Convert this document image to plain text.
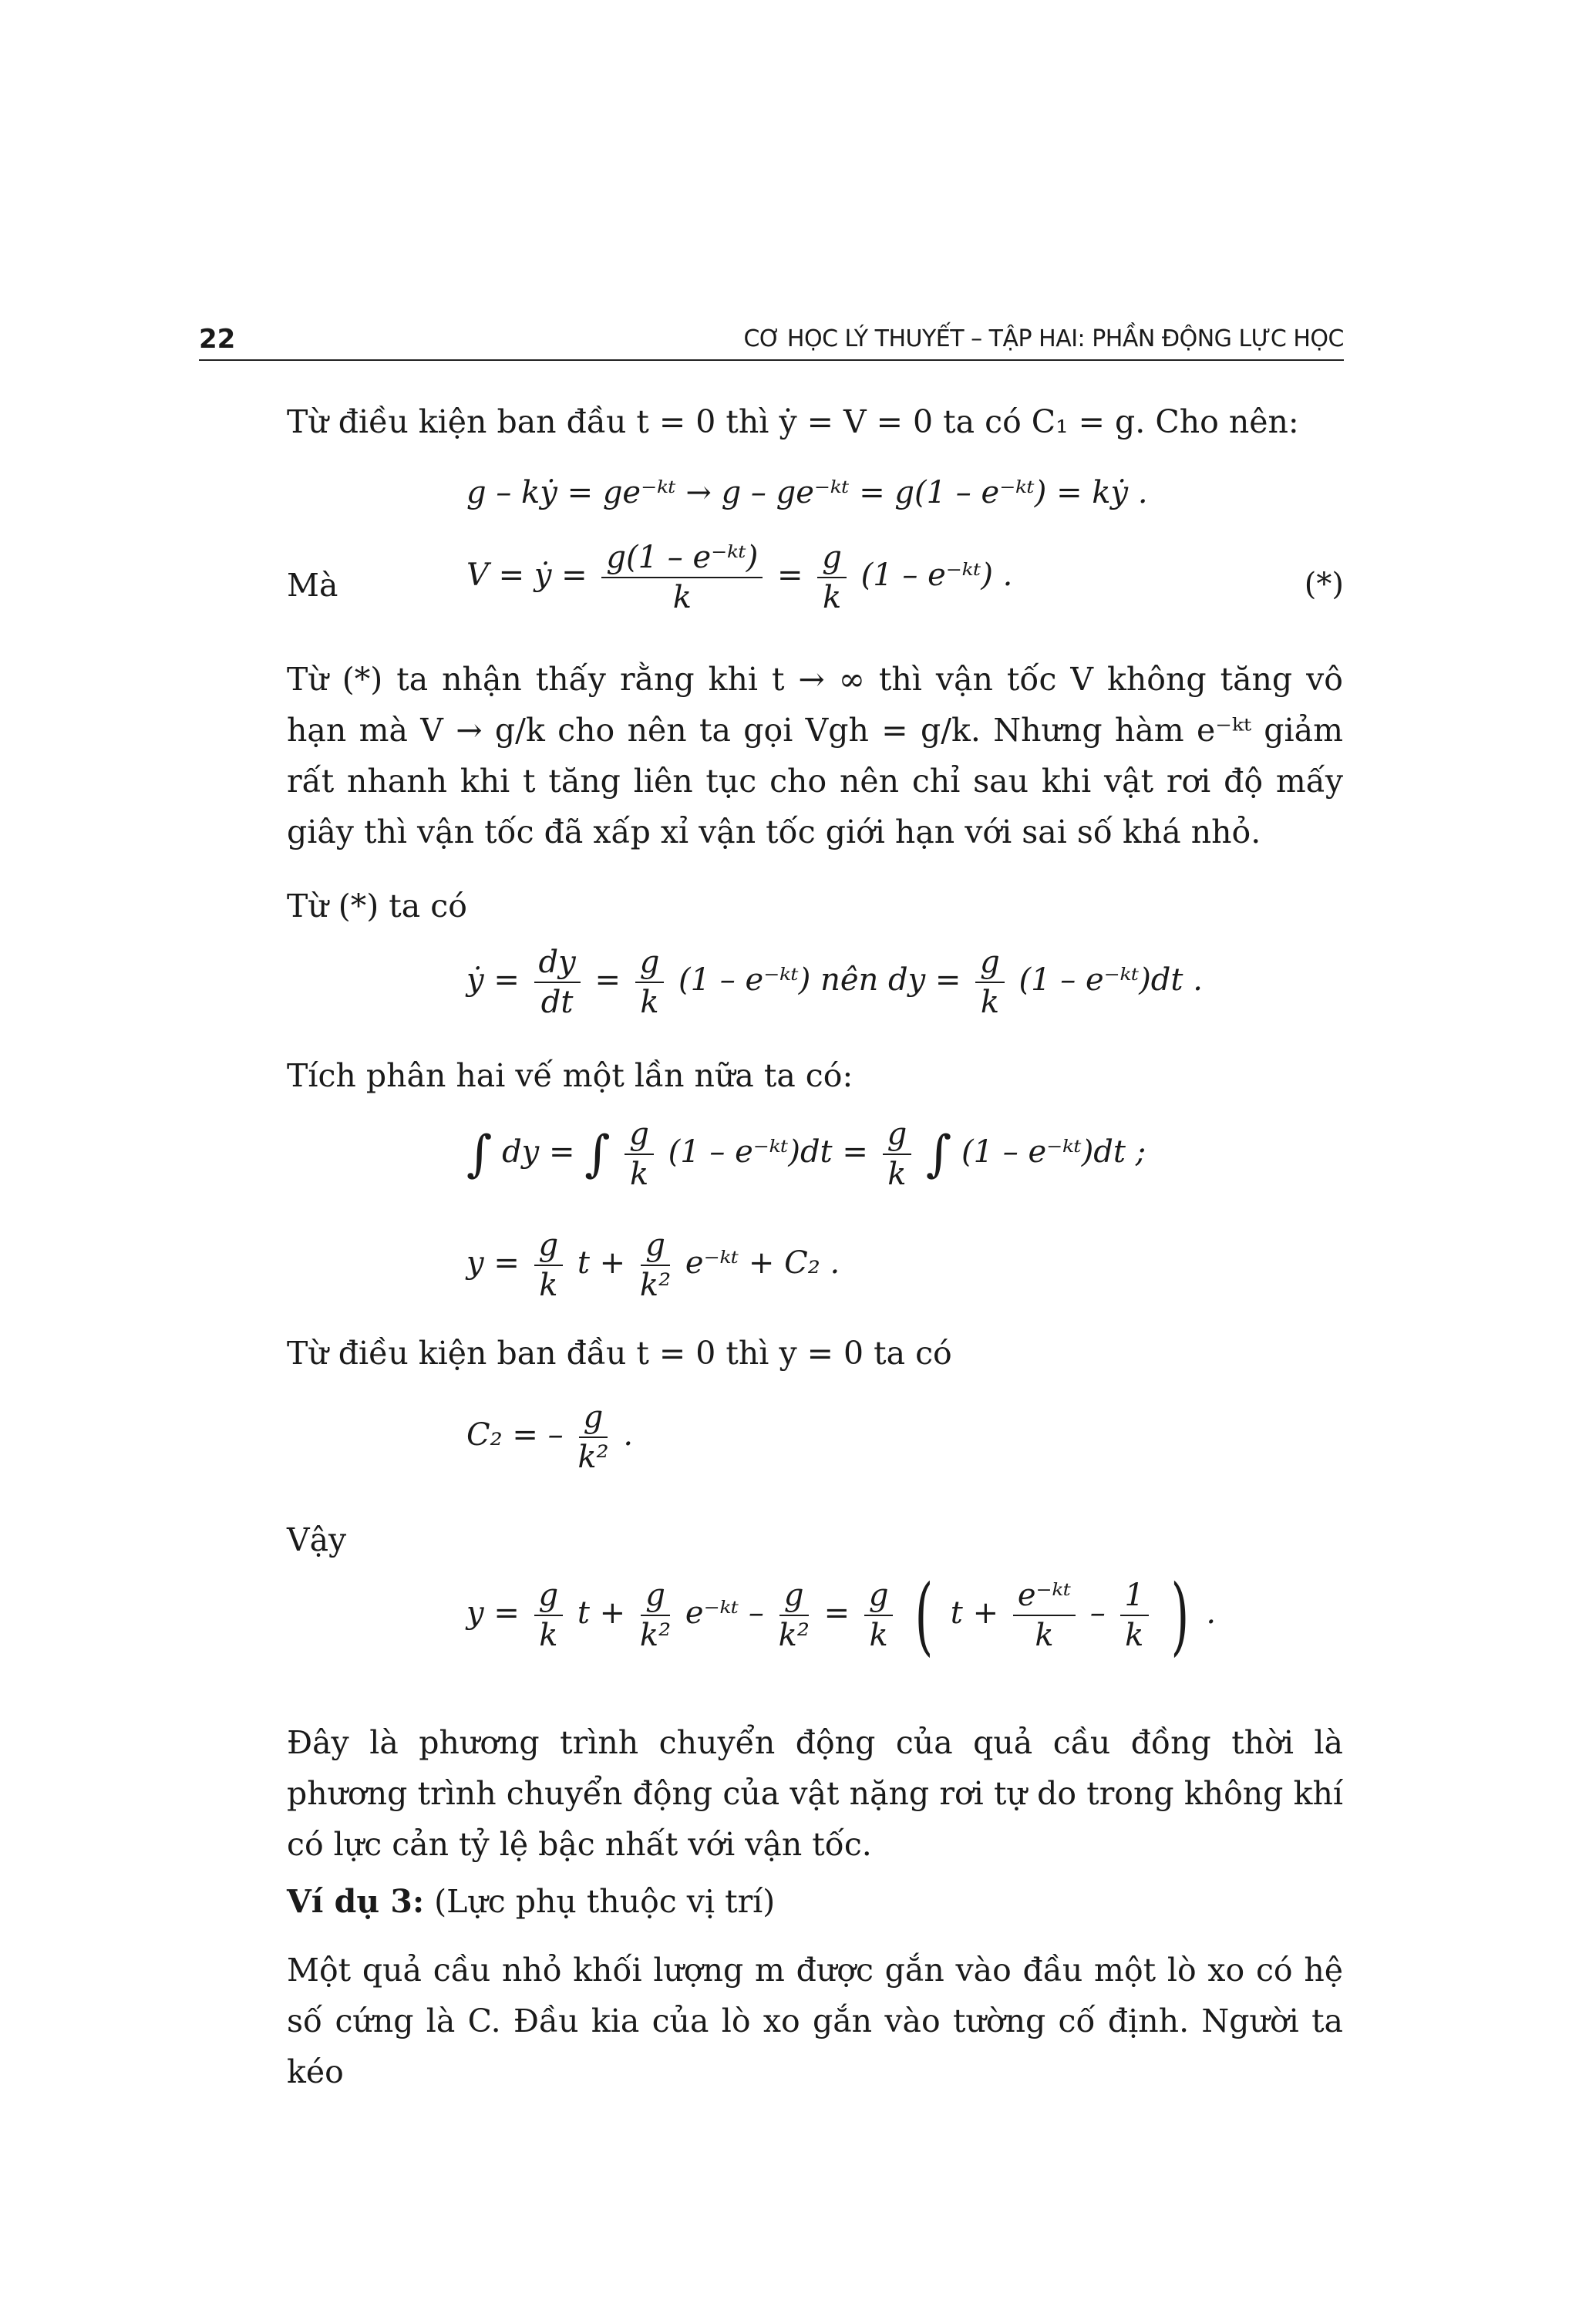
22	CƠ HỌC LÝ THUYẾT – TẬP HAI: PHẦN ĐỘNG LỰC HỌC
Từ điều kiện ban đầu t = 0 thì ẏ = V = 0 ta có C₁ = g. Cho nên:
g – kẏ = ge⁻ᵏᵗ → g – ge⁻ᵏᵗ = g(1 – e⁻ᵏᵗ) = kẏ .
Mà	V = ẏ = $\frac{\text{g(1 – e⁻ᵏᵗ)}}{k} = \frac{g}{k} (1$ – e⁻ᵏᵗ) .	(*)
Từ (*) ta nhận thấy rằng khi t → ∞ thì vận tốc V không tăng vô hạn mà V → g/k cho nên ta gọi Vgh = g/k. Nhưng hàm e⁻ᵏᵗ giảm rất nhanh khi t tăng liên tục cho nên chỉ sau khi vật rơi độ mấy giây thì vận tốc đã xấp xỉ vận tốc giới hạn với sai số khá nhỏ.
Từ (*) ta có
ẏ = $\frac{dy}{dt} = \frac{g}{k} (1$ – e⁻ᵏᵗ) nên dy = $\frac{g}{k} (1$ – e⁻ᵏᵗ)dt .
Tích phân hai vế một lần nữa ta có:
∫ dy = ∫ $\frac{g}{k} (1$ – e⁻ᵏᵗ)dt = $\frac{g}{k}$ ∫ (1 – e⁻ᵏᵗ)dt ;
$y = \frac{g}{k}$ $t + \frac{g}{\text{k²}}$ e⁻ᵏᵗ + C₂ .
Từ điều kiện ban đầu t = 0 thì y = 0 ta có
C₂ = – $\frac{g}{\text{k²}}$ .
Vậy
$y = \frac{g}{k}$ $t + \frac{g}{\text{k²}}$ e⁻ᵏᵗ – $\frac{g}{\text{k²}} = \frac{g}{k}$ ( $t + \frac{\text{e⁻ᵏᵗ}}{k} - \frac{1}{k}$ ) .
Đây là phương trình chuyển động của quả cầu đồng thời là phương trình chuyển động của vật nặng rơi tự do trong không khí có lực cản tỷ lệ bậc nhất với vận tốc.
Ví dụ 3: (Lực phụ thuộc vị trí)
Một quả cầu nhỏ khối lượng m được gắn vào đầu một lò xo có hệ số cứng là C. Đầu kia của lò xo gắn vào tường cố định. Người ta kéo
